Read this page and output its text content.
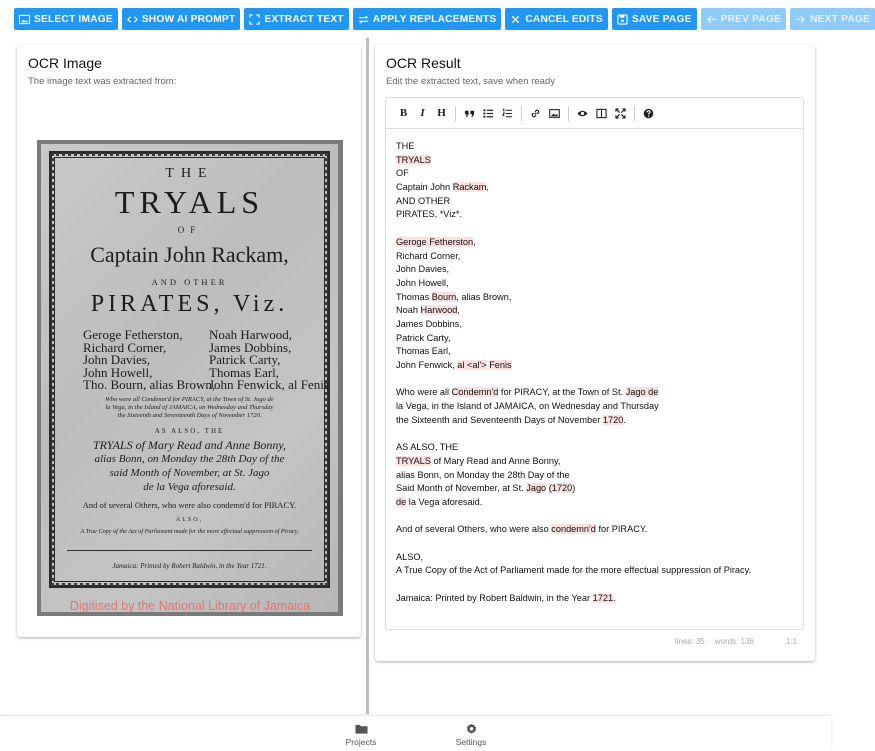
SELECT IMAGE	SHOW AI PROMPT	EXTRACT TEXT	APPLY REPLACEMENTS	CANCEL EDITS	SAVE PAGE	PREV PAGE	NEXT PAGE
OCR Image
The image text was extracted from:
THE
TRYALS
OF
Captain John Rackam,
AND OTHER
PIRATES, Viz.
Geroge Fetherston,
Richard Corner,
John Davies,
John Howell,
Tho. Bourn, alias Brown,
Noah Harwood,
James Dobbins,
Patrick Carty,
Thomas Earl,
John Fenwick, al Fenis
Who were all Condemn'd for PIRACY, at the Town of St. Jago de
la Vega, in the Island of JAMAICA, on Wednesday and Thursday
the Sixteenth and Seventeenth Days of November 1720.
AS ALSO, THE
TRYALS of Mary Read and Anne Bonny,
alias Bonn, on Monday the 28th Day of the
said Month of November, at St. Jago
de la Vega aforesaid.
And of several Others, who were also condemn'd for PIRACY.
ALSO,
A True Copy of the Act of Parliament made for the more effectual suppression of Piracy.
Jamaica: Printed by Robert Baldwin, in the Year 1721.
Digitised by the National Library of Jamaica
OCR Result
Edit the extracted text, save when ready
B	I	H
THE
TRYALS
OF
Captain John Rackam,
AND OTHER
PIRATES, *Viz*.
Geroge Fetherston,
Richard Corner,
John Davies,
John Howell,
Thomas Bourn, alias Brown,
Noah Harwood,
James Dobbins,
Patrick Carty,
Thomas Earl,
John Fenwick, al <al'> Fenis
Who were all Condemn'd for PIRACY, at the Town of St. Jago de
la Vega, in the Island of JAMAICA, on Wednesday and Thursday
the Sixteenth and Seventeenth Days of November 1720.
AS ALSO, THE
TRYALS of Mary Read and Anne Bonny,
alias Bonn, on Monday the 28th Day of the
Said Month of November, at St. Jago (1720)
de la Vega aforesaid.
And of several Others, who were also condemn'd for PIRACY.
ALSO,
A True Copy of the Act of Parliament made for the more effectual suppression of Piracy.
Jamaica: Printed by Robert Baldwin, in the Year 1721.
lines: 35 words: 136	1:1
Projects	Settings
